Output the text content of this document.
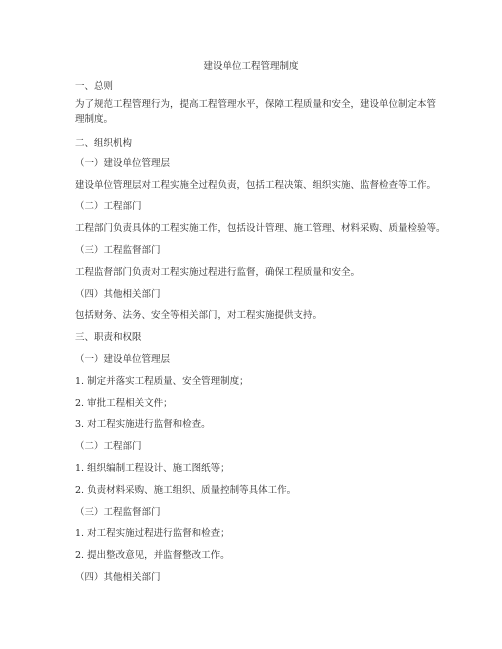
建设单位工程管理制度
一、总则
为了规范工程管理行为，提高工程管理水平，保障工程质量和安全，建设单位制定本管理制度。
二、组织机构
（一）建设单位管理层
建设单位管理层对工程实施全过程负责，包括工程决策、组织实施、监督检查等工作。
（二）工程部门
工程部门负责具体的工程实施工作，包括设计管理、施工管理、材料采购、质量检验等。
（三）工程监督部门
工程监督部门负责对工程实施过程进行监督，确保工程质量和安全。
（四）其他相关部门
包括财务、法务、安全等相关部门，对工程实施提供支持。
三、职责和权限
（一）建设单位管理层
1. 制定并落实工程质量、安全管理制度；
2. 审批工程相关文件；
3. 对工程实施进行监督和检查。
（二）工程部门
1. 组织编制工程设计、施工图纸等；
2. 负责材料采购、施工组织、质量控制等具体工作。
（三）工程监督部门
1. 对工程实施过程进行监督和检查；
2. 提出整改意见，并监督整改工作。
（四）其他相关部门
